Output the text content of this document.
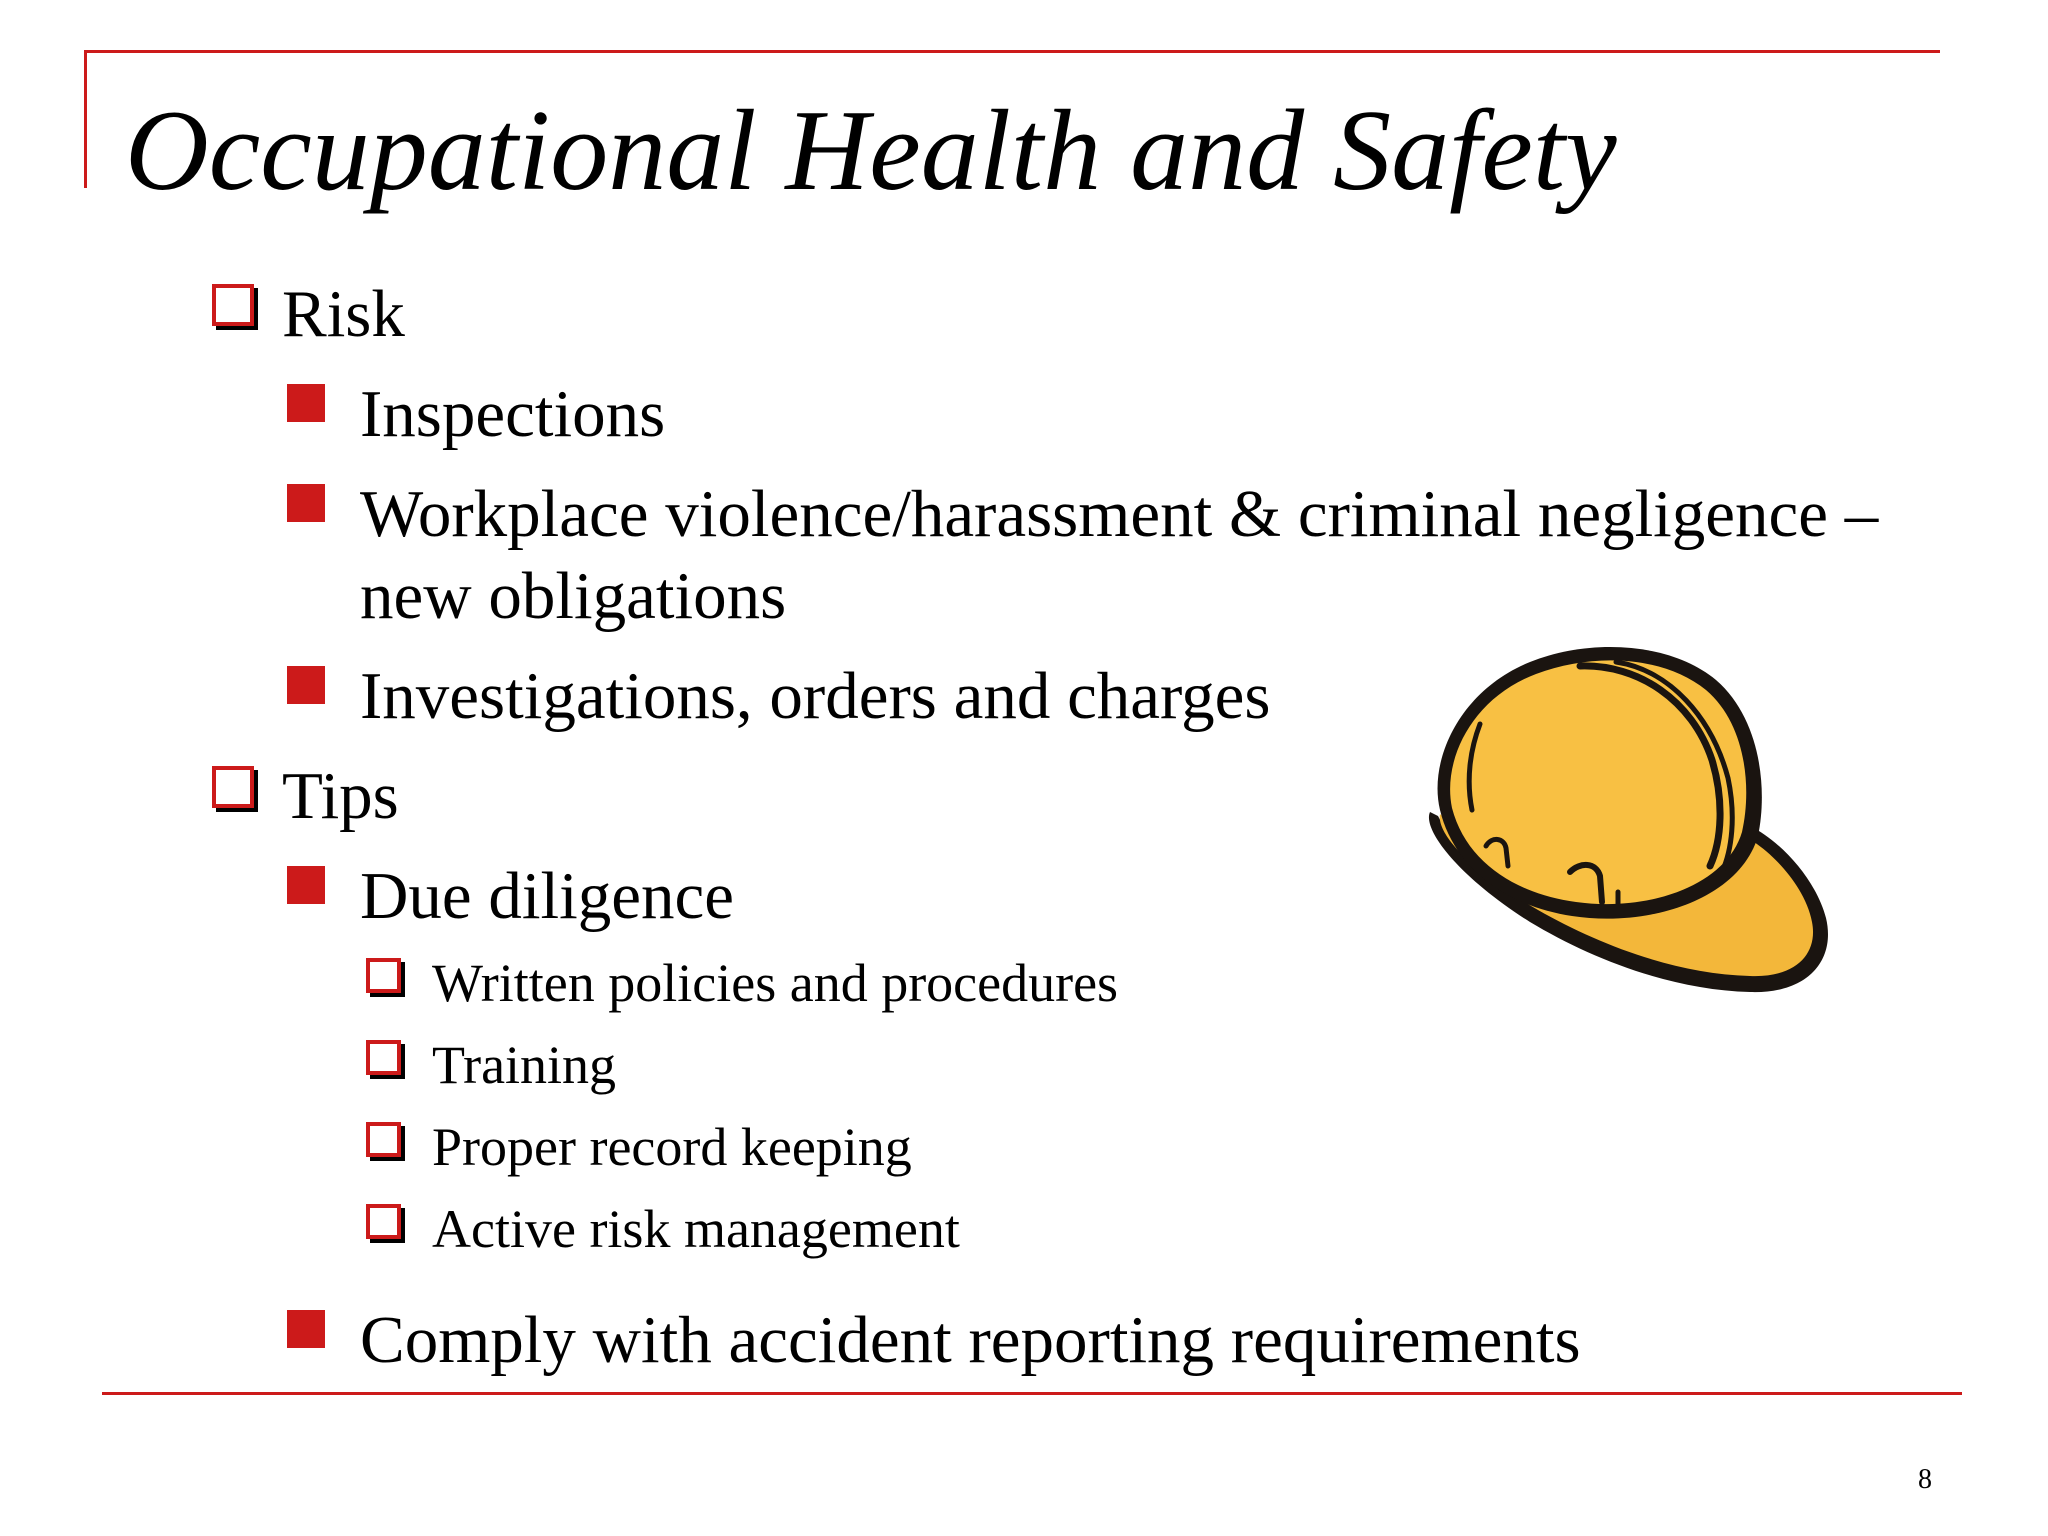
Occupational Health and Safety
Risk
Inspections
Workplace violence/harassment & criminal negligence –
new obligations
Investigations, orders and charges
Tips
Due diligence
Written policies and procedures
Training
Proper record keeping
Active risk management
Comply with accident reporting requirements
8
